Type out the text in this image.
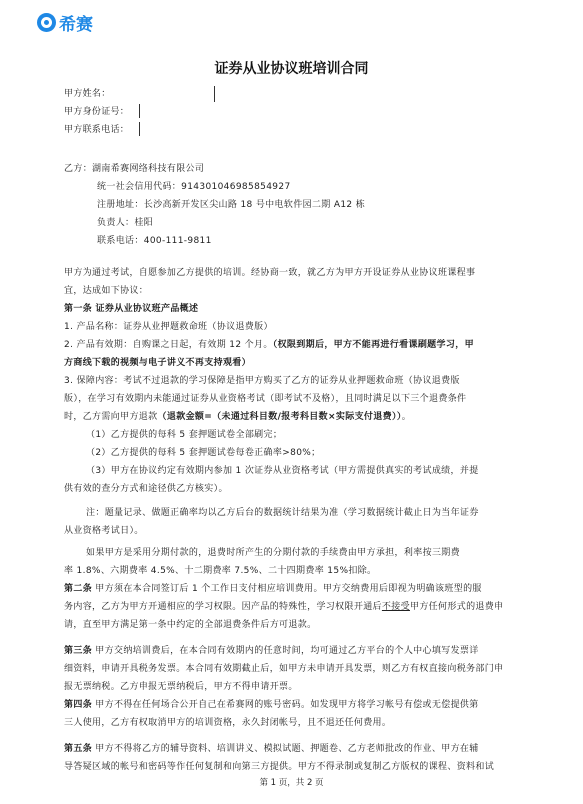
希赛
证券从业协议班培训合同
甲方姓名：
甲方身份证号：
甲方联系电话：
乙方：湖南希赛网络科技有限公司
统一社会信用代码：914301046985854927
注册地址：长沙高新开发区尖山路 18 号中电软件园二期 A12 栋
负责人：桂阳
联系电话：400-111-9811
甲方为通过考试，自愿参加乙方提供的培训。经协商一致，就乙方为甲方开设证券从业协议班课程事
宜，达成如下协议：
第一条 证券从业协议班产品概述
1. 产品名称：证券从业押题救命班（协议退费版）
2. 产品有效期：自购课之日起，有效期 12 个月。（权限到期后，甲方不能再进行看课刷题学习，甲
方商线下载的视频与电子讲义不再支持观看）
3. 保障内容：考试不过退款的学习保障是指甲方购买了乙方的证券从业押题救命班（协议退费版
版），在学习有效期内未能通过证券从业资格考试（即考试不及格），且同时满足以下三个退费条件
时，乙方需向甲方退款（退款金额=（未通过科目数/报考科目数×实际支付退费））。
（1）乙方提供的每科 5 套押题试卷全部刷完；
（2）乙方提供的每科 5 套押题试卷每卷正确率>80%；
（3）甲方在协议约定有效期内参加 1 次证券从业资格考试（甲方需提供真实的考试成绩，并提
供有效的查分方式和途径供乙方核实）。
注：题量记录、做题正确率均以乙方后台的数据统计结果为准（学习数据统计截止日为当年证券
从业资格考试日）。
如果甲方是采用分期付款的，退费时所产生的分期付款的手续费由甲方承担，利率按三期费
率 1.8%、六期费率 4.5%、十二期费率 7.5%、二十四期费率 15%扣除。
第二条 甲方须在本合同签订后 1 个工作日支付相应培训费用。甲方交纳费用后即视为明确该班型的服
务内容，乙方为甲方开通相应的学习权限。因产品的特殊性，学习权限开通后不接受甲方任何形式的退费申
请，直至甲方满足第一条中约定的全部退费条件后方可退款。
第三条 甲方交纳培训费后，在本合同有效期内的任意时间，均可通过乙方平台的个人中心填写发票详
细资料，申请开具税务发票。本合同有效期截止后，如甲方未申请开具发票，则乙方有权直接向税务部门申
报无票纳税。乙方申报无票纳税后，甲方不得申请开票。
第四条 甲方不得在任何场合公开自己在希赛网的账号密码。如发现甲方将学习帐号有偿或无偿提供第
三人使用，乙方有权取消甲方的培训资格，永久封闭帐号，且不退还任何费用。
第五条 甲方不得将乙方的辅导资料、培训讲义、模拟试题、押题卷、乙方老师批改的作业、甲方在辅
导答疑区域的帐号和密码等作任何复制和向第三方提供。甲方不得录制或复制乙方版权的课程、资料和试
第 1 页，共 2 页
